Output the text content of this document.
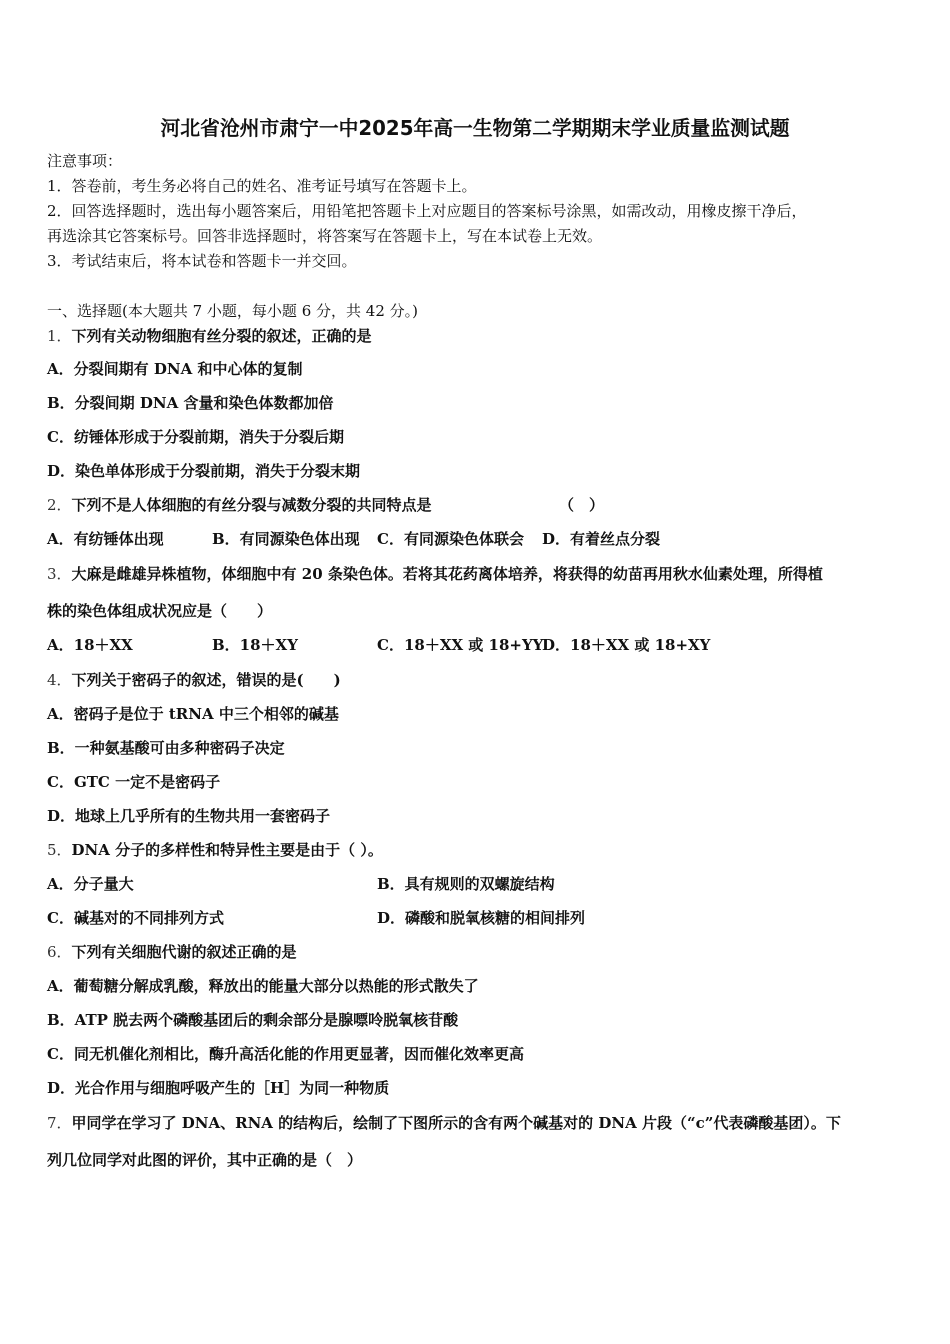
河北省沧州市肃宁一中2025年高一生物第二学期期末学业质量监测试题
注意事项：
1．答卷前，考生务必将自己的姓名、准考证号填写在答题卡上。
2．回答选择题时，选出每小题答案后，用铅笔把答题卡上对应题目的答案标号涂黑，如需改动，用橡皮擦干净后，
再选涂其它答案标号。回答非选择题时，将答案写在答题卡上，写在本试卷上无效。
3．考试结束后，将本试卷和答题卡一并交回。
一、选择题(本大题共 7 小题，每小题 6 分，共 42 分。)
1．下列有关动物细胞有丝分裂的叙述，正确的是
A．分裂间期有 DNA 和中心体的复制
B．分裂间期 DNA 含量和染色体数都加倍
C．纺锤体形成于分裂前期，消失于分裂后期
D．染色单体形成于分裂前期，消失于分裂末期
2．下列不是人体细胞的有丝分裂与减数分裂的共同特点是	（　）
A．有纺锤体出现	B．有同源染色体出现 C．有同源染色体联会 D．有着丝点分裂
3．大麻是雌雄异株植物，体细胞中有 20 条染色体。若将其花药离体培养，将获得的幼苗再用秋水仙素处理，所得植
株的染色体组成状况应是（　　）
A．18＋XX	B．18＋XY	C．18＋XX 或 18+YY
D．18＋XX 或 18+XY
4．下列关于密码子的叙述，错误的是(　　)
A．密码子是位于 tRNA 中三个相邻的碱基
B．一种氨基酸可由多种密码子决定
C．GTC 一定不是密码子
D．地球上几乎所有的生物共用一套密码子
5．DNA 分子的多样性和特异性主要是由于（ ）。
A．分子量大	B．具有规则的双螺旋结构
C．碱基对的不同排列方式	D．磷酸和脱氧核糖的相间排列
6．下列有关细胞代谢的叙述正确的是
A．葡萄糖分解成乳酸，释放出的能量大部分以热能的形式散失了
B．ATP 脱去两个磷酸基团后的剩余部分是腺嘌呤脱氧核苷酸
C．同无机催化剂相比，酶升高活化能的作用更显著，因而催化效率更高
D．光合作用与细胞呼吸产生的［H］为同一种物质
7．甲同学在学习了 DNA、RNA 的结构后，绘制了下图所示的含有两个碱基对的 DNA 片段（“c”代表磷酸基团）。下
列几位同学对此图的评价，其中正确的是（　）
